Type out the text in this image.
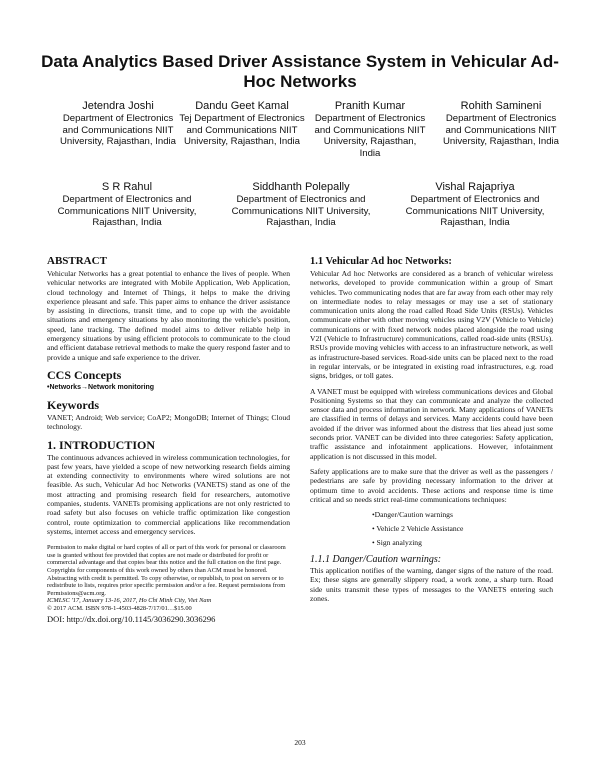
Data Analytics Based Driver Assistance System in Vehicular Ad-Hoc Networks
Jetendra Joshi
Department of Electronics and Communications NIIT University, Rajasthan, India
Dandu Geet Kamal
Tej Department of Electronics and Communications NIIT University, Rajasthan, India
Pranith Kumar
Department of Electronics and Communications NIIT University, Rajasthan, India
Rohith Samineni
Department of Electronics and Communications NIIT University, Rajasthan, India
S R Rahul
Department of Electronics and Communications NIIT University, Rajasthan, India
Siddhanth Polepally
Department of Electronics and Communications NIIT University, Rajasthan, India
Vishal Rajapriya
Department of Electronics and Communications NIIT University, Rajasthan, India
ABSTRACT

Vehicular Networks has a great potential to enhance the lives of people. When vehicular networks are integrated with Mobile Application, Web Application, cloud technology and Internet of Things, it helps to make the driving experience pleasant and safe. This paper aims to enhance the driver assistance by assisting in directions, transit time, and to cope up with the avoidable situations and emergency situations by also monitoring the vehicle's position, speed, lane tracking. The defined model aims to deliver reliable help in emergency situations by using efficient protocols to communicate to the cloud and efficient database retrieval methods to make the query respond faster and to provide a unique and safe experience to the driver.

CCS Concepts

•Networks→Network monitoring

Keywords

VANET; Android; Web service; CoAP2; MongoDB; Internet of Things; Cloud technology.

1. INTRODUCTION

The continuous advances achieved in wireless communication technologies, for past few years, have yielded a scope of new networking research fields aiming at extending connectivity to environments where wired solutions are not feasible. As such, Vehicular Ad hoc Networks (VANETS) stand as one of the most attracting and promising research field for researchers, automotive companies, students. VANETs promising applications are not only restricted to road safety but also focuses on vehicle traffic optimization like congestion control, route optimization to commercial applications like recommendation systems, internet access and emergency services.

Permission to make digital or hard copies of all or part of this work for personal or classroom use is granted without fee provided that copies are not made or distributed for profit or commercial advantage and that copies bear this notice and the full citation on the first page. Copyrights for components of this work owned by others than ACM must be honored. Abstracting with credit is permitted. To copy otherwise, or republish, to post on servers or to redistribute to lists, requires prior specific permission and/or a fee. Request permissions from Permissions@acm.org.

ICMLSC '17, January 13-16, 2017, Ho Chi Minh City, Viet Nam

© 2017 ACM. ISBN 978-1-4503-4828-7/17/01…$15.00

DOI: http://dx.doi.org/10.1145/3036290.3036296

1.1 Vehicular Ad hoc Networks:

Vehicular Ad hoc Networks are considered as a branch of vehicular wireless networks, developed to provide communication within a group of Smart vehicles. Two communicating nodes that are far away from each other may rely on intermediate nodes to relay messages or may use a set of stationary communication units along the road called Road Side Units (RSUs). Vehicles communicate either with other moving vehicles using V2V (Vehicle to Vehicle) communications or with fixed network nodes placed alongside the road using V2I (Vehicle to Infrastructure) communications, called road-side units (RSUs). RSUs provide moving vehicles with access to an infrastructure network, as well as infrastructure-based services. Road-side units can be placed next to the road in regular intervals, or be integrated in existing road infrastructures, e.g. road signs, bridges, or toll gates.

A VANET must be equipped with wireless communications devices and Global Positioning Systems so that they can communicate and analyze the collected sensor data and process information in network. Many applications of VANETs are classified in terms of delays and services. Many accidents could have been avoided if the driver was informed about the distress that lies ahead just some seconds prior. VANET can be divided into three categories: Safety application, traffic assistance and infotainment applications. However, infotainment application is not discussed in this model.

Safety applications are to make sure that the driver as well as the passengers / pedestrians are safe by providing necessary information to the driver at optimum time to avoid accidents. These actions and response time is time critical and so needs strict real-time communications techniques:

•Danger/Caution warnings
• Vehicle 2 Vehicle Assistance
• Sign analyzing
1.1.1 Danger/Caution warnings:

This application notifies of the warning, danger signs of the nature of the road. Ex; these signs are generally slippery road, a work zone, a sharp turn. Road side units transmit these types of messages to the VANETS entering such zones.

203
